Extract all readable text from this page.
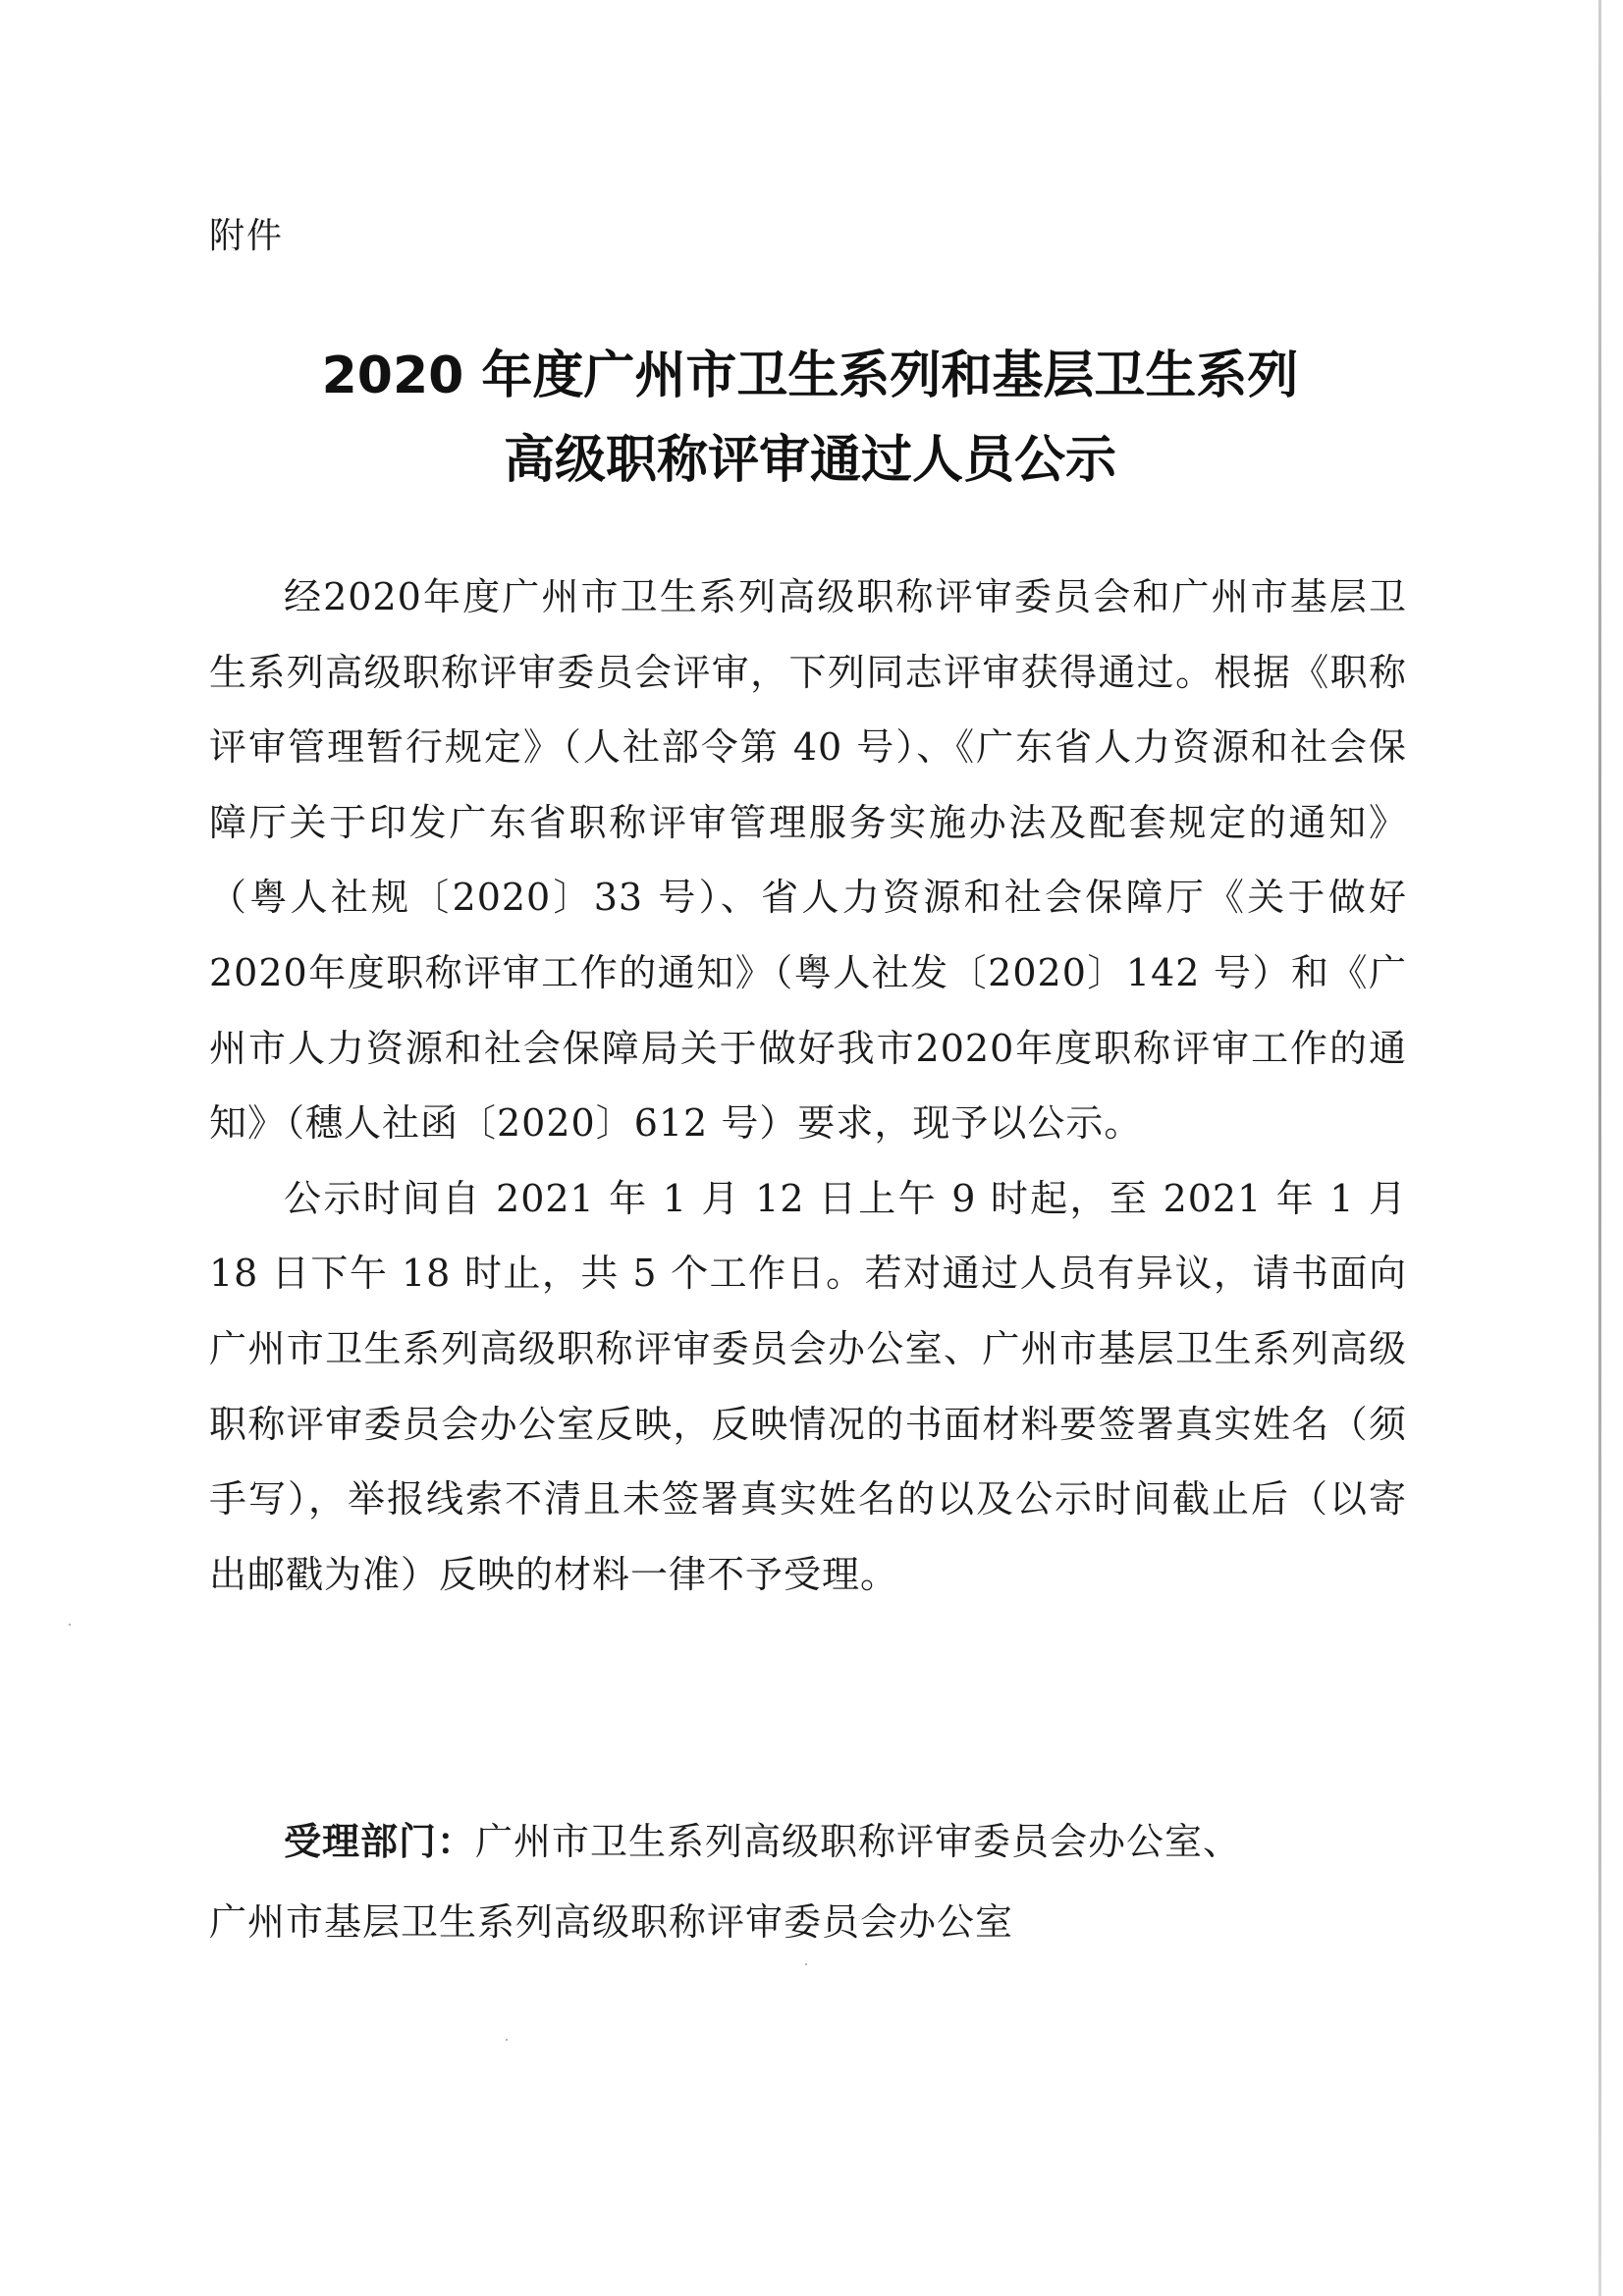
附件
2020 年度广州市卫生系列和基层卫生系列
高级职称评审通过人员公示

经2020年度广州市卫生系列高级职称评审委员会和广州市基层卫生系列高级职称评审委员会评审，下列同志评审获得通过。根据《职称评审管理暂行规定》（人社部令第 40 号）、《广东省人力资源和社会保障厅关于印发广东省职称评审管理服务实施办法及配套规定的通知》（粤人社规〔2020〕33 号）、省人力资源和社会保障厅《关于做好2020年度职称评审工作的通知》（粤人社发〔2020〕142 号）和《广州市人力资源和社会保障局关于做好我市2020年度职称评审工作的通知》（穗人社函〔2020〕612 号）要求，现予以公示。

公示时间自 2021 年 1 月 12 日上午 9 时起，至 2021 年 1 月 18 日下午 18 时止，共 5 个工作日。若对通过人员有异议，请书面向广州市卫生系列高级职称评审委员会办公室、广州市基层卫生系列高级职称评审委员会办公室反映，反映情况的书面材料要签署真实姓名（须手写），举报线索不清且未签署真实姓名的以及公示时间截止后（以寄出邮戳为准）反映的材料一律不予受理。

受理部门：广州市卫生系列高级职称评审委员会办公室、

广州市基层卫生系列高级职称评审委员会办公室
